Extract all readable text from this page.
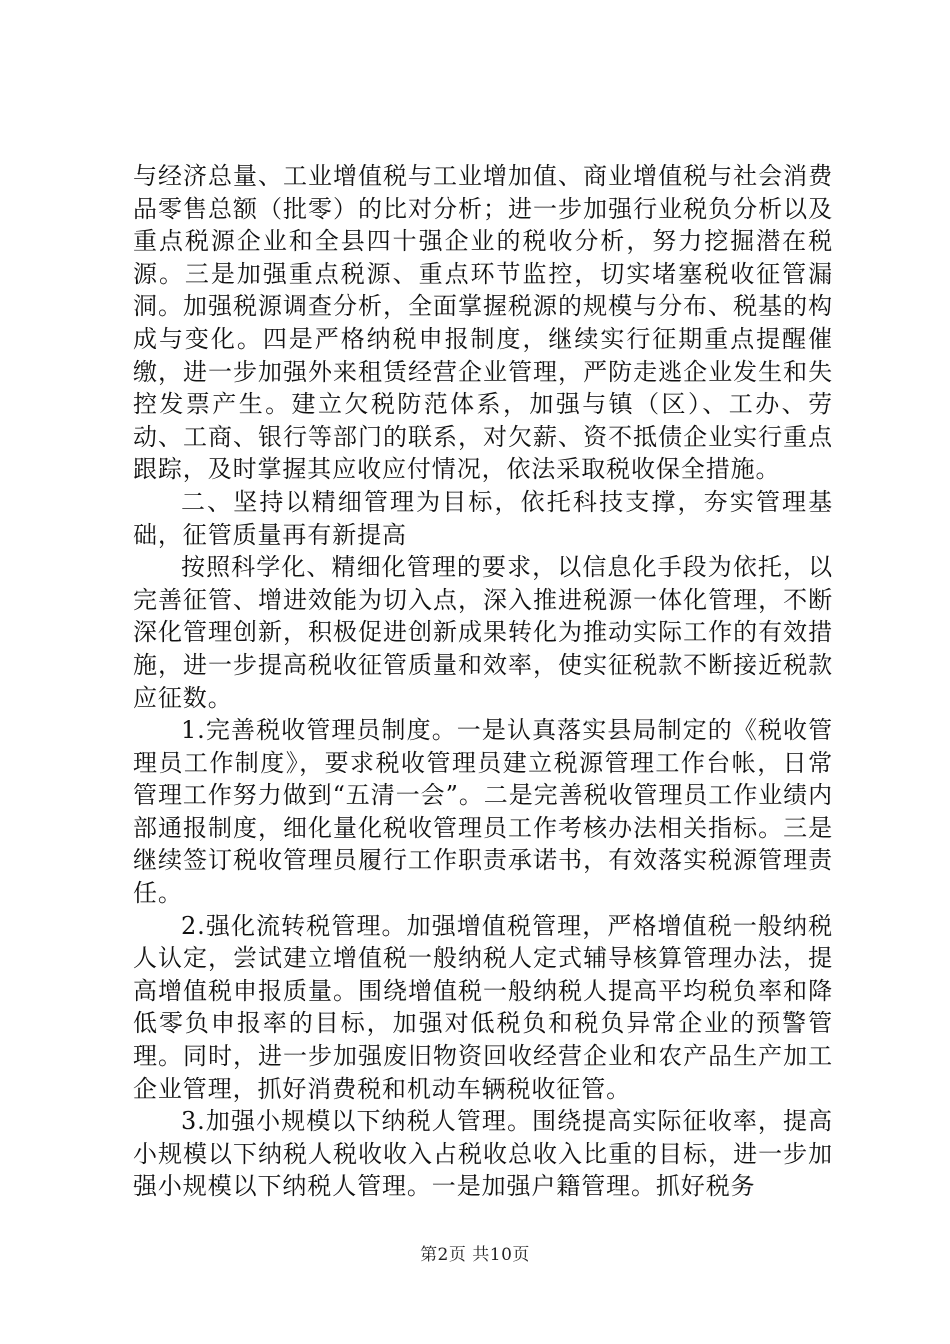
与经济总量、工业增值税与工业增加值、商业增值税与社会消费品零售总额（批零）的比对分析；进一步加强行业税负分析以及重点税源企业和全县四十强企业的税收分析，努力挖掘潜在税源。三是加强重点税源、重点环节监控，切实堵塞税收征管漏洞。加强税源调查分析，全面掌握税源的规模与分布、税基的构成与变化。四是严格纳税申报制度，继续实行征期重点提醒催缴，进一步加强外来租赁经营企业管理，严防走逃企业发生和失控发票产生。建立欠税防范体系，加强与镇（区）、工办、劳动、工商、银行等部门的联系，对欠薪、资不抵债企业实行重点跟踪，及时掌握其应收应付情况，依法采取税收保全措施。

二、坚持以精细管理为目标，依托科技支撑，夯实管理基础，征管质量再有新提高

按照科学化、精细化管理的要求，以信息化手段为依托，以完善征管、增进效能为切入点，深入推进税源一体化管理，不断深化管理创新，积极促进创新成果转化为推动实际工作的有效措施，进一步提高税收征管质量和效率，使实征税款不断接近税款应征数。

1.完善税收管理员制度。一是认真落实县局制定的《税收管理员工作制度》，要求税收管理员建立税源管理工作台帐，日常管理工作努力做到“五清一会”。二是完善税收管理员工作业绩内部通报制度，细化量化税收管理员工作考核办法相关指标。三是继续签订税收管理员履行工作职责承诺书，有效落实税源管理责任。

2.强化流转税管理。加强增值税管理，严格增值税一般纳税人认定，尝试建立增值税一般纳税人定式辅导核算管理办法，提高增值税申报质量。围绕增值税一般纳税人提高平均税负率和降低零负申报率的目标，加强对低税负和税负异常企业的预警管理。同时，进一步加强废旧物资回收经营企业和农产品生产加工企业管理，抓好消费税和机动车辆税收征管。

3.加强小规模以下纳税人管理。围绕提高实际征收率，提高小规模以下纳税人税收收入占税收总收入比重的目标，进一步加强小规模以下纳税人管理。一是加强户籍管理。抓好税务

第2页 共10页
